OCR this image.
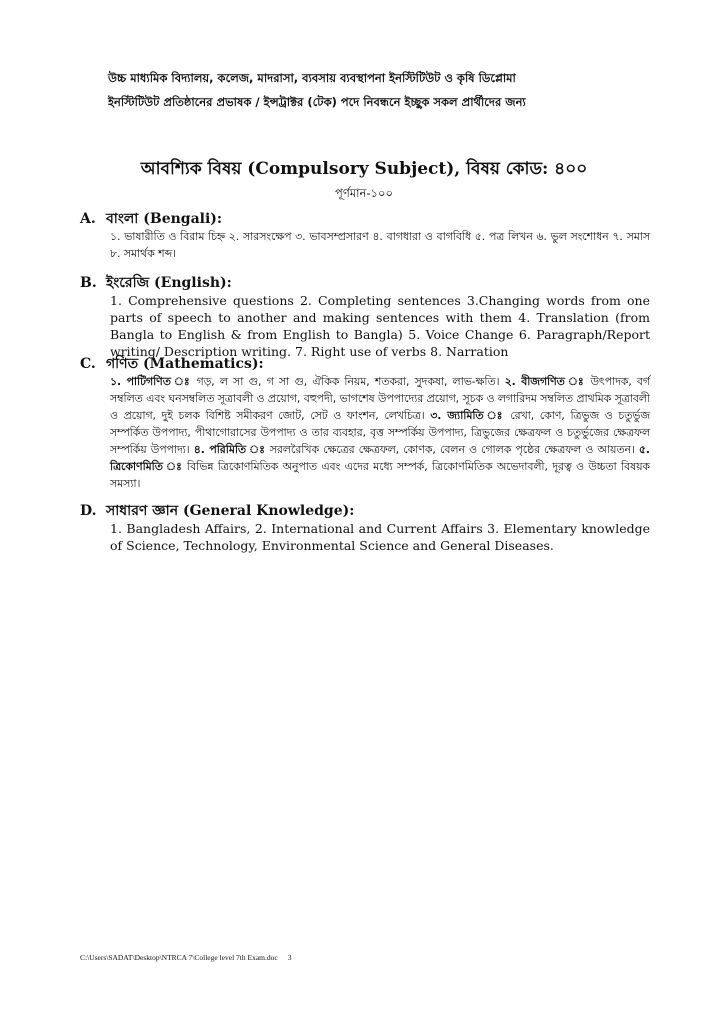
উচ্চ মাধ্যমিক বিদ্যালয়, কলেজ, মাদরাসা, ব্যবসায় ব্যবস্থাপনা ইনস্টিটিউট ও কৃষি ডিপ্লোমা
ইনস্টিটিউট প্রতিষ্ঠানের প্রভাষক / ইন্সট্রাক্টর (টেক) পদে নিবন্ধনে ইচ্ছুক সকল প্রার্থীদের জন্য
আবশ্যিক বিষয় (Compulsory Subject), বিষয় কোড: ৪০০
পূর্ণমান-১০০
A. বাংলা (Bengali):
১. ভাষারীতি ও বিরাম চিহ্ন ২. সারসংক্ষেপ ৩. ভাবসম্প্রসারণ ৪. বাগধারা ও বাগবিধি ৫. পত্র লিখন ৬. ভুল সংশোধন ৭. সমাস ৮. সমার্থক শব্দ।
B. ইংরেজি (English):
1. Comprehensive questions 2. Completing sentences 3.Changing words from one parts of speech to another and making sentences with them 4. Translation (from Bangla to English & from English to Bangla) 5. Voice Change 6. Paragraph/Report writing/ Description writing. 7. Right use of verbs 8. Narration
C. গণিত (Mathematics):
১. পাটিগণিত ঃ গড়, ল সা গু, গ সা গু, ঐকিক নিয়ম, শতকরা, সুদকষা, লাভ-ক্ষতি। ২. বীজগণিত ঃ উৎপাদক, বর্গ সম্বলিত এবং ঘনসম্বলিত সূত্রাবলী ও প্রয়োগ, বহুপদী, ভাগশেষ উপপাদ্যের প্রয়োগ, সূচক ও লগারিদম সম্বলিত প্রাথমিক সূত্রাবলী ও প্রয়োগ, দুই চলক বিশিষ্ট সমীকরণ জোট, সেট ও ফাংশন, লেখচিত্র। ৩. জ্যামিতি ঃ রেখা, কোণ, ত্রিভুজ ও চতুর্ভুজ সম্পর্কিত উপপাদ্য, পীথাগোরাসের উপপাদ্য ও তার ব্যবহার, বৃত্ত সম্পর্কিয় উপপাদ্য, ত্রিভুজের ক্ষেত্রফল ও চতুর্ভুজের ক্ষেত্রফল সম্পর্কিয় উপপাদ্য। ৪. পরিমিতি ঃ সরলরৈখিক ক্ষেত্রের ক্ষেত্রফল, কোণক, বেলন ও গোলক পৃষ্ঠের ক্ষেত্রফল ও আয়তন। ৫. ত্রিকোণমিতি ঃ বিভিন্ন ত্রিকোণমিতিক অনুপাত এবং এদের মধ্যে সম্পর্ক, ত্রিকোণমিতিক অভেদাবলী, দূরত্ব ও উচ্চতা বিষয়ক সমস্যা।
D. সাধারণ জ্ঞান (General Knowledge):
1. Bangladesh Affairs, 2. International and Current Affairs 3. Elementary knowledge of Science, Technology, Environmental Science and General Diseases.
C:\Users\SADAT\Desktop\NTRCA 7\College level 7th Exam.doc 3
